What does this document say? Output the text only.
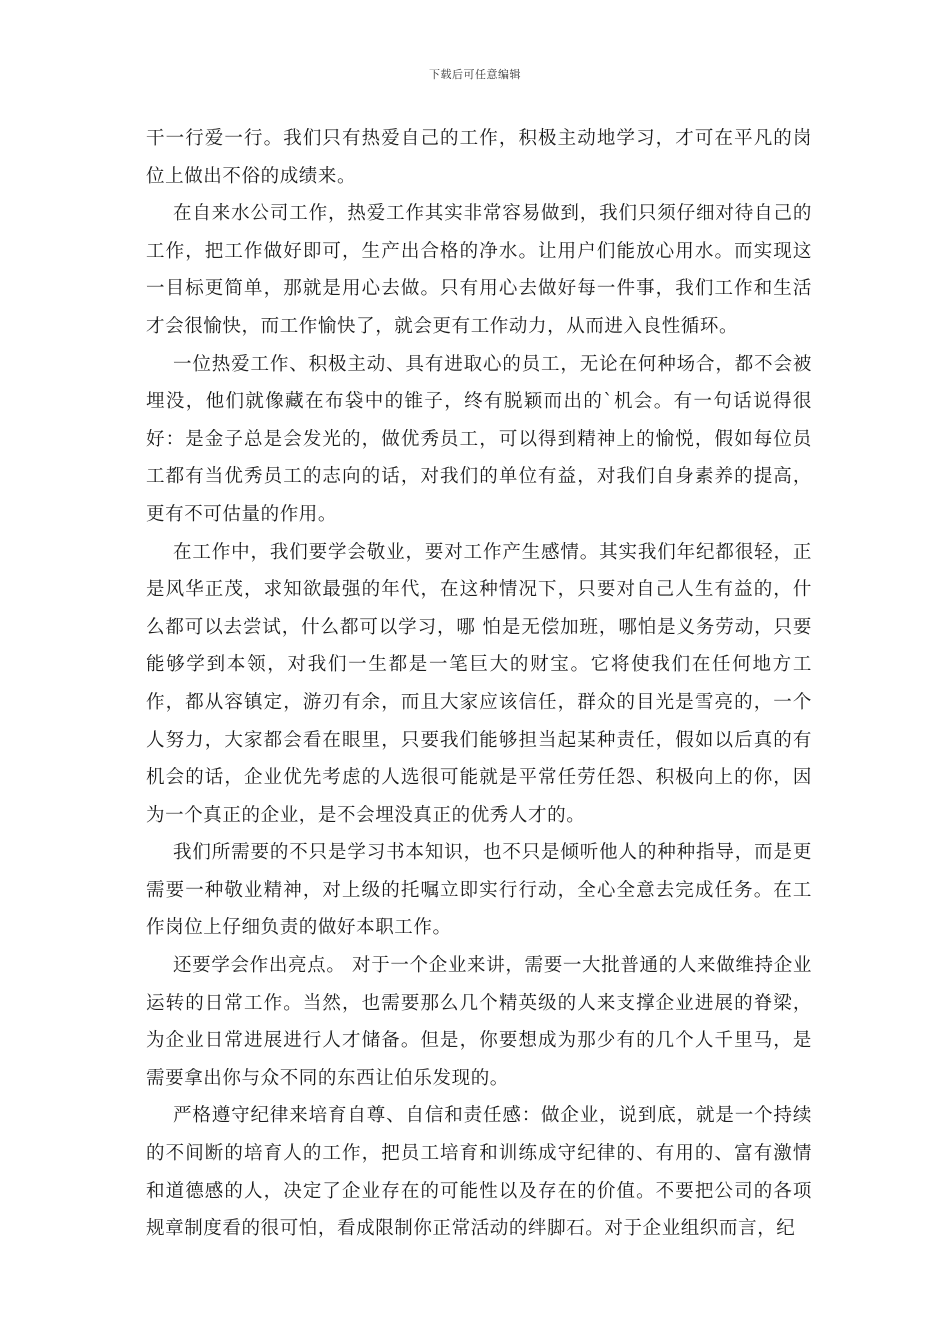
下载后可任意编辑

干一行爱一行。我们只有热爱自己的工作，积极主动地学习，才可在平凡的岗位上做出不俗的成绩来。

在自来水公司工作，热爱工作其实非常容易做到，我们只须仔细对待自己的工作，把工作做好即可，生产出合格的净水。让用户们能放心用水。而实现这一目标更简单，那就是用心去做。只有用心去做好每一件事，我们工作和生活才会很愉快，而工作愉快了，就会更有工作动力，从而进入良性循环。

一位热爱工作、积极主动、具有进取心的员工，无论在何种场合，都不会被埋没，他们就像藏在布袋中的锥子，终有脱颖而出的`机会。有一句话说得很好：是金子总是会发光的，做优秀员工，可以得到精神上的愉悦，假如每位员工都有当优秀员工的志向的话，对我们的单位有益，对我们自身素养的提高，更有不可估量的作用。

在工作中，我们要学会敬业，要对工作产生感情。其实我们年纪都很轻，正是风华正茂，求知欲最强的年代，在这种情况下，只要对自己人生有益的，什么都可以去尝试，什么都可以学习，哪 怕是无偿加班，哪怕是义务劳动，只要能够学到本领，对我们一生都是一笔巨大的财宝。它将使我们在任何地方工作，都从容镇定，游刃有余，而且大家应该信任，群众的目光是雪亮的，一个人努力，大家都会看在眼里，只要我们能够担当起某种责任，假如以后真的有机会的话，企业优先考虑的人选很可能就是平常任劳任怨、积极向上的你，因为一个真正的企业，是不会埋没真正的优秀人才的。

我们所需要的不只是学习书本知识，也不只是倾听他人的种种指导，而是更需要一种敬业精神，对上级的托嘱立即实行行动，全心全意去完成任务。在工作岗位上仔细负责的做好本职工作。

还要学会作出亮点。 对于一个企业来讲，需要一大批普通的人来做维持企业运转的日常工作。当然，也需要那么几个精英级的人来支撑企业进展的脊梁，为企业日常进展进行人才储备。但是，你要想成为那少有的几个人千里马，是需要拿出你与众不同的东西让伯乐发现的。

严格遵守纪律来培育自尊、自信和责任感：做企业，说到底，就是一个持续的不间断的培育人的工作，把员工培育和训练成守纪律的、有用的、富有激情和道德感的人，决定了企业存在的可能性以及存在的价值。不要把公司的各项规章制度看的很可怕，看成限制你正常活动的绊脚石。对于企业组织而言，纪
